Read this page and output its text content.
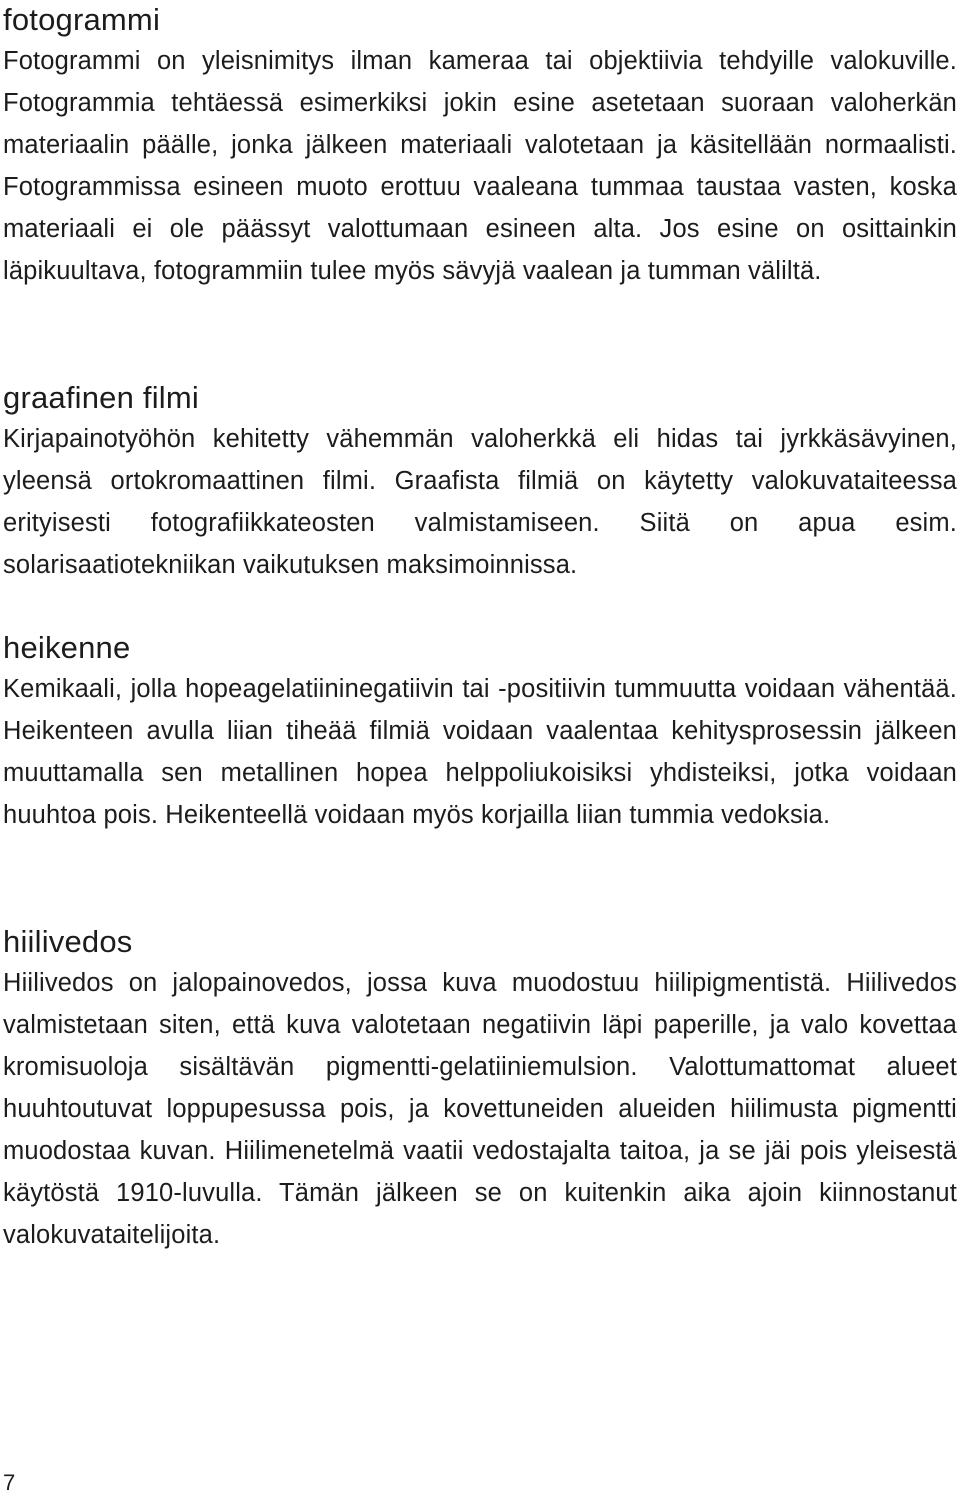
fotogrammi

Fotogrammi on yleisnimitys ilman kameraa tai objektiivia tehdyille valokuville. Fotogrammia tehtäessä esimerkiksi jokin esine asetetaan suoraan valoherkän materiaalin päälle, jonka jälkeen materiaali valotetaan ja käsitellään normaalisti. Fotogrammissa esineen muoto erottuu vaaleana tummaa taustaa vasten, koska materiaali ei ole päässyt valottumaan esineen alta. Jos esine on osittainkin läpikuultava, fotogrammiin tulee myös sävyjä vaalean ja tumman väliltä.

graafinen filmi

Kirjapainotyöhön kehitetty vähemmän valoherkkä eli hidas tai jyrkkäsävyinen, yleensä ortokromaattinen filmi. Graafista filmiä on käytetty valokuvataiteessa erityisesti fotografiikkateosten valmistamiseen. Siitä on apua esim. solarisaatiotekniikan vaikutuksen maksimoinnissa.

heikenne

Kemikaali, jolla hopeagelatiininegatiivin tai -positiivin tummuutta voidaan vähentää. Heikenteen avulla liian tiheää filmiä voidaan vaalentaa kehitysprosessin jälkeen muuttamalla sen metallinen hopea helppoliukoisiksi yhdisteiksi, jotka voidaan huuhtoa pois. Heikenteellä voidaan myös korjailla liian tummia vedoksia.

hiilivedos

Hiilivedos on jalopainovedos, jossa kuva muodostuu hiilipigmentistä. Hiilivedos valmistetaan siten, että kuva valotetaan negatiivin läpi paperille, ja valo kovettaa kromisuoloja sisältävän pigmentti-gelatiiniemulsion. Valottumattomat alueet huuhtoutuvat loppupesussa pois, ja kovettuneiden alueiden hiilimusta pigmentti muodostaa kuvan. Hiilimenetelmä vaatii vedostajalta taitoa, ja se jäi pois yleisestä käytöstä 1910-luvulla. Tämän jälkeen se on kuitenkin aika ajoin kiinnostanut valokuvataitelijoita.

7
